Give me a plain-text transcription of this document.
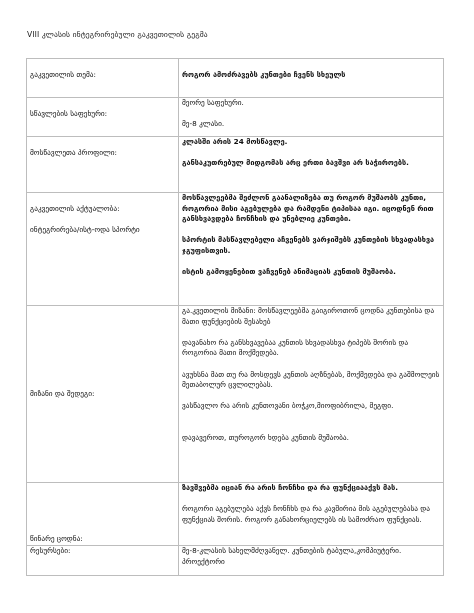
VIII კლასის ინტეგრირებული გაკვეთილის გეგმა
გაკვეთილის თემა:	როგორ ამოძრავებს კუნთები ჩვენს სხეულს

სწავლების საფეხური:	მეორე საფეხური.
მე-8 კლასი.

მოსწავლეთა პროფილი:	კლასში არის 24 მოსწავლე.
განსაკუთრებულ მიდგომას არც ერთი ბავშვი არ საჭიროებს.

გაკვეთილის აქტუალობა:
ინტეგრირება/ისტ-ოდა სპორტი	მოსწავლეებმა შეძლონ გაანალიზება თუ როგორ მუშაობს კუნთი, როგორია მისი აგებულება და რამდენი ტიპისაა იგი. იცოდნენ რით განსხვავდება ჩონჩხის და უნებლიე კუნთები.
სპორტის მასწავლებელი აჩვენებს ვარჯიშებს კუნთების სხვადასხვა ჯგუფისთვის.
ისტის გამოყენებით ვაჩვენებ ანიმაციას კუნთის მუშაობა.

მიზანი და შედეგი:	გა.კვეთილის მიზანი: მოსწავლეებმა გაიგიროთონ ცოდნა კუნთებისა და მათი ფუნქციების შესახებ
დავანახო რა განსხვავებაა კუნთის სხვადასხვა ტიპებს შორის და როგორია მათი მოქმედება.
ავუხსნა მათ თუ რა მოსდევს კუნთის აღზნებას, მოქმედება და გაშმოლეის მეთაბოლურ ცვლილებას.
ვასწავლო რა არის კუნთოვანი ბოჭკო,მიოფიბრილა, მეგფი.
დავავეროთ, თუროგორ ხდება კუნთის მუშაობა.

წინარე ცოდნა:	ზავშვებმა იციან რა არის ჩონჩხი და რა ფუნქციააქვს მას.
როგორი აგებულება აქვს ჩონჩხს და რა კავშირია მის აგებულებასა და ფუნქციას შორის. როგორ განახორციელებს ის სამოძრაო ფუნქციას.

რესურსები:	მე-8-კლასის სახელმძღვანელ. კუნთების ტაბულა,კომპიუტერი. პროექტორი
